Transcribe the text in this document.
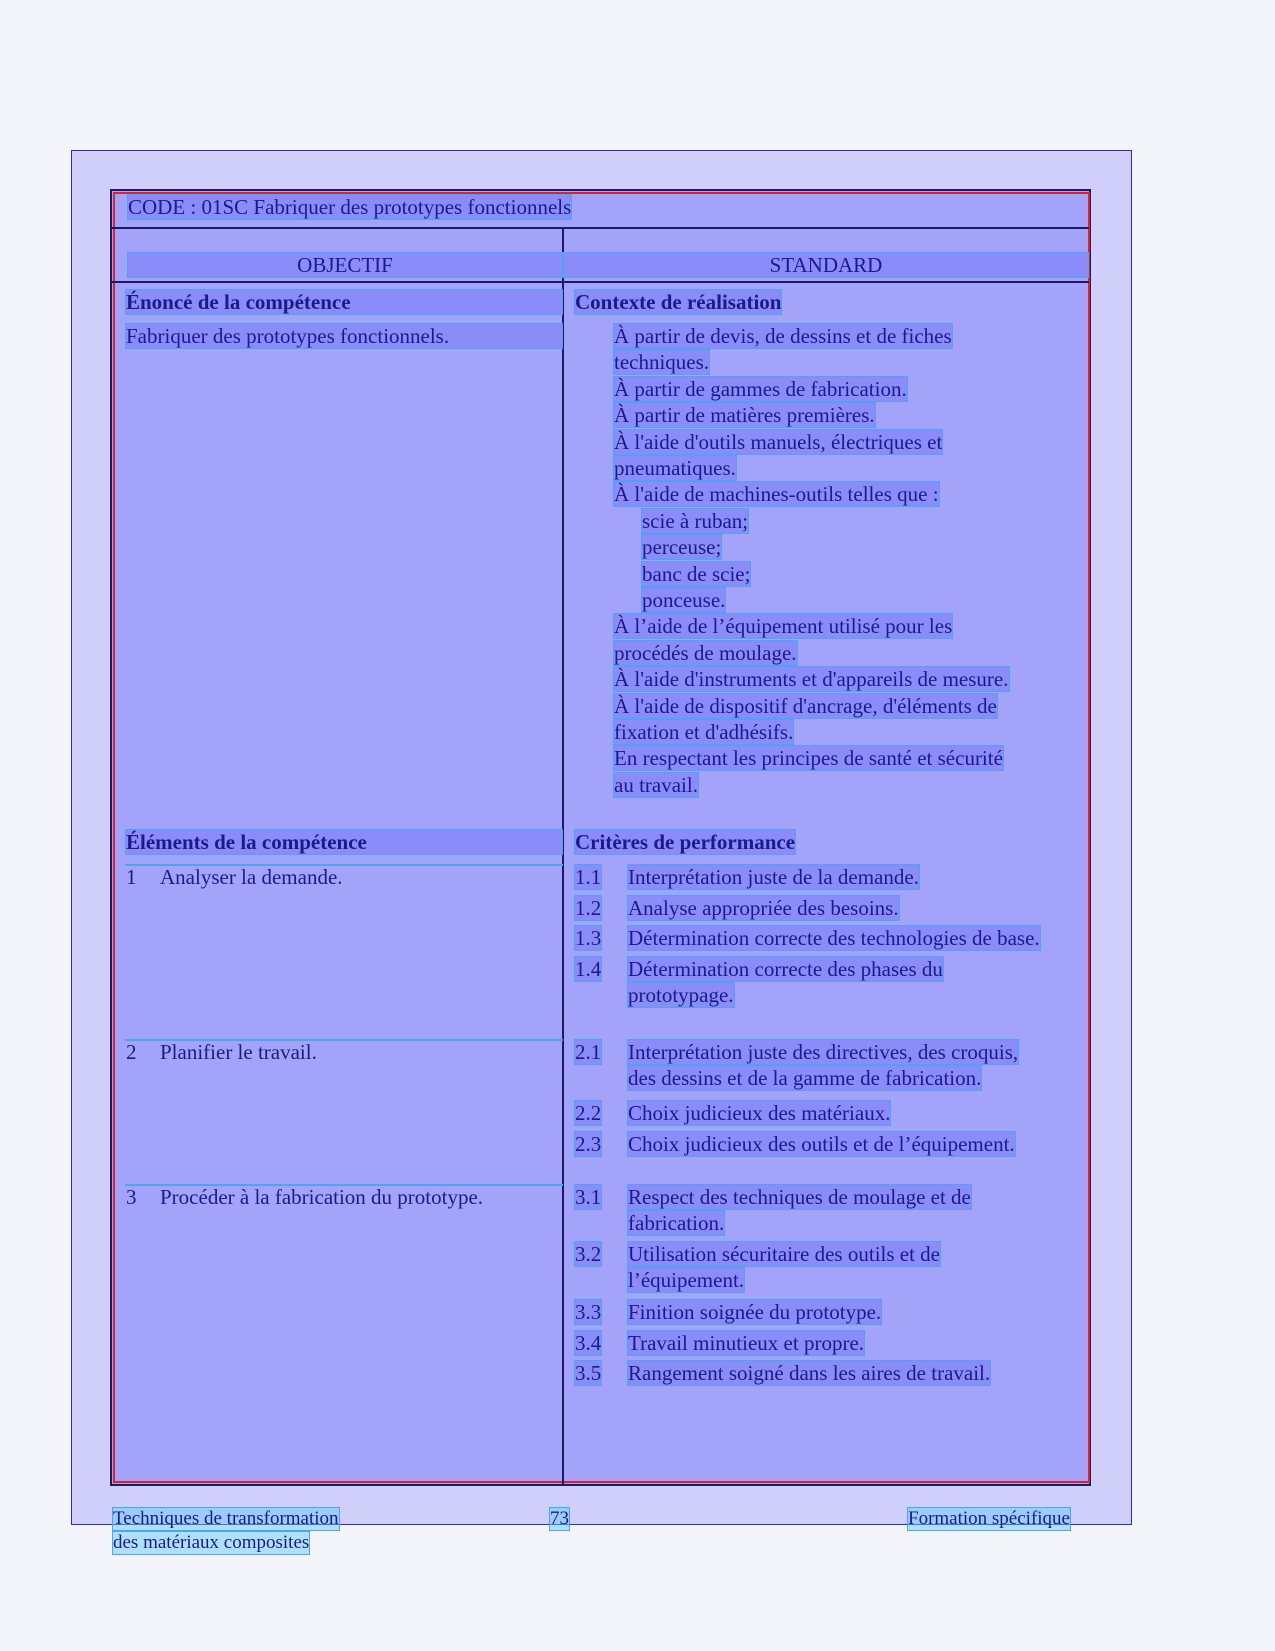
CODE : 01SC Fabriquer des prototypes fonctionnels
OBJECTIF	STANDARD
Énoncé de la compétence
Fabriquer des prototypes fonctionnels.
Éléments de la compétence
Contexte de réalisation
Critères de performance
Techniques de transformation
des matériaux composites
73	Formation spécifique
À partir de devis, de dessins et de fiches
techniques.
À partir de gammes de fabrication.
À partir de matières premières.
À l'aide d'outils manuels, électriques et
pneumatiques.
À l'aide de machines-outils telles que :
scie à ruban;
perceuse;
banc de scie;
ponceuse.
À l’aide de l’équipement utilisé pour les
procédés de moulage.
À l'aide d'instruments et d'appareils de mesure.
À l'aide de dispositif d'ancrage, d'éléments de
fixation et d'adhésifs.
En respectant les principes de santé et sécurité
au travail.
1 Analyser la demande.
2 Planifier le travail.
3 Procéder à la fabrication du prototype.
1.1 Interprétation juste de la demande.
1.2 Analyse appropriée des besoins.
1.3 Détermination correcte des technologies de base.
1.4 Détermination correcte des phases du
prototypage.
2.1 Interprétation juste des directives, des croquis,
des dessins et de la gamme de fabrication.
2.2 Choix judicieux des matériaux.
2.3 Choix judicieux des outils et de l’équipement.
3.1 Respect des techniques de moulage et de
fabrication.
3.2 Utilisation sécuritaire des outils et de
l’équipement.
3.3 Finition soignée du prototype.
3.4 Travail minutieux et propre.
3.5 Rangement soigné dans les aires de travail.
